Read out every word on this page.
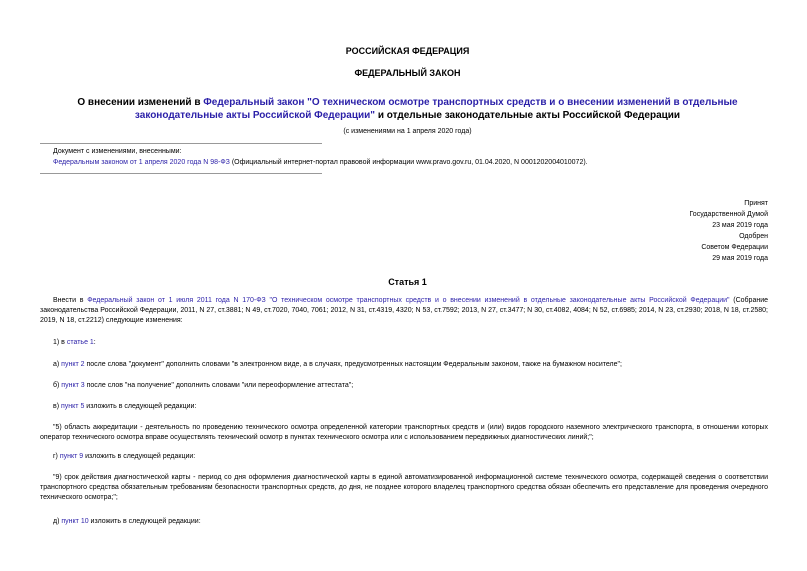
РОССИЙСКАЯ ФЕДЕРАЦИЯ
ФЕДЕРАЛЬНЫЙ ЗАКОН
О внесении изменений в Федеральный закон "О техническом осмотре транспортных средств и о внесении изменений в отдельные законодательные акты Российской Федерации" и отдельные законодательные акты Российской Федерации
(с изменениями на 1 апреля 2020 года)
Документ с изменениями, внесенными:
Федеральным законом от 1 апреля 2020 года N 98-ФЗ (Официальный интернет-портал правовой информации www.pravo.gov.ru, 01.04.2020, N 0001202004010072).
Принят
Государственной Думой
23 мая 2019 года
Одобрен
Советом Федерации
29 мая 2019 года
Статья 1
Внести в Федеральный закон от 1 июля 2011 года N 170-ФЗ "О техническом осмотре транспортных средств и о внесении изменений в отдельные законодательные акты Российской Федерации" (Собрание законодательства Российской Федерации, 2011, N 27, ст.3881; N 49, ст.7020, 7040, 7061; 2012, N 31, ст.4319, 4320; N 53, ст.7592; 2013, N 27, ст.3477; N 30, ст.4082, 4084; N 52, ст.6985; 2014, N 23, ст.2930; 2018, N 18, ст.2580; 2019, N 18, ст.2212) следующие изменения:
1) в статье 1:
а) пункт 2 после слова "документ" дополнить словами "в электронном виде, а в случаях, предусмотренных настоящим Федеральным законом, также на бумажном носителе";
б) пункт 3 после слов "на получение" дополнить словами "или переоформление аттестата";
в) пункт 5 изложить в следующей редакции:
"5) область аккредитации - деятельность по проведению технического осмотра определенной категории транспортных средств и (или) видов городского наземного электрического транспорта, в отношении которых оператор технического осмотра вправе осуществлять технический осмотр в пунктах технического осмотра или с использованием передвижных диагностических линий;";
г) пункт 9 изложить в следующей редакции:
"9) срок действия диагностической карты - период со дня оформления диагностической карты в единой автоматизированной информационной системе технического осмотра, содержащей сведения о соответствии транспортного средства обязательным требованиям безопасности транспортных средств, до дня, не позднее которого владелец транспортного средства обязан обеспечить его представление для проведения очередного технического осмотра;";
д) пункт 10 изложить в следующей редакции:
